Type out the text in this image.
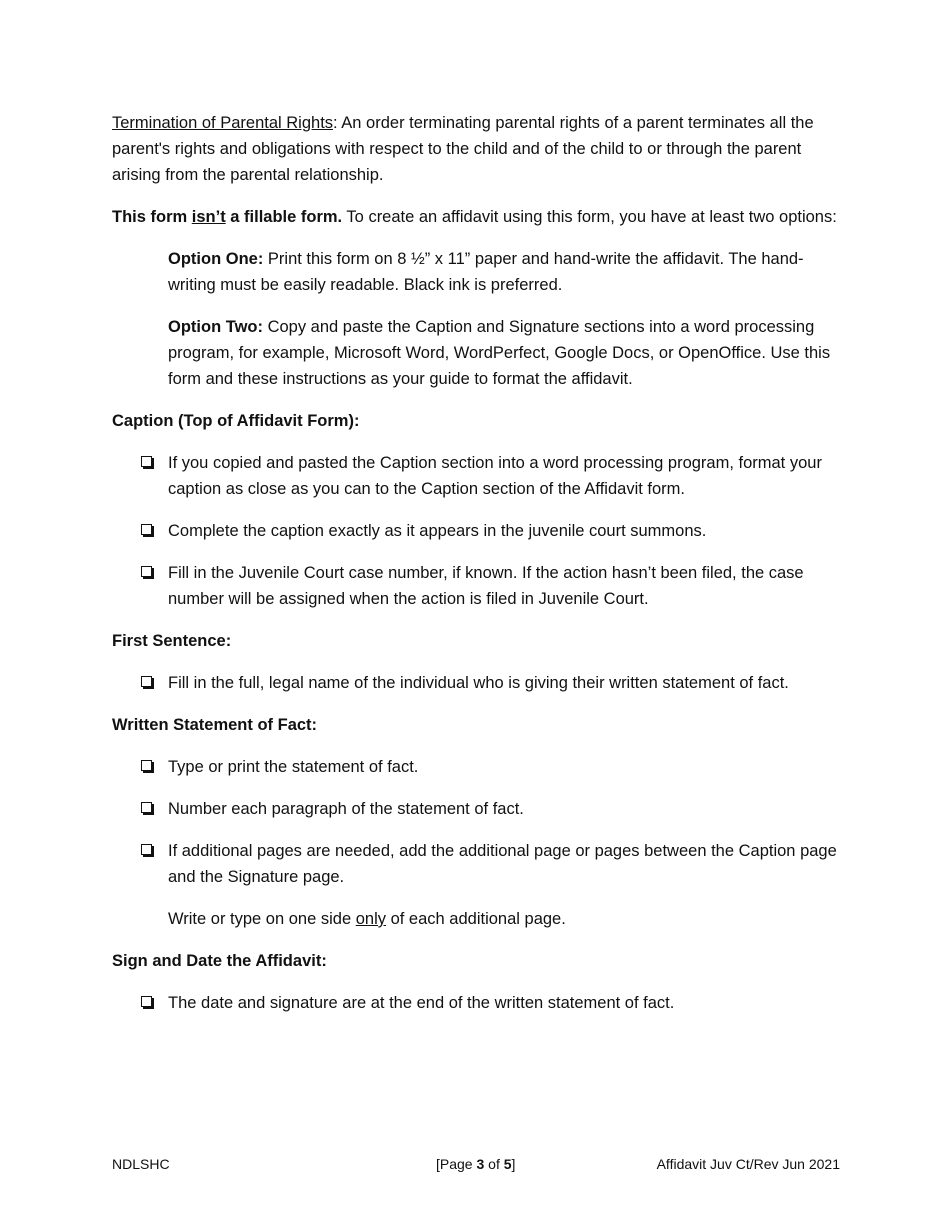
Termination of Parental Rights: An order terminating parental rights of a parent terminates all the parent's rights and obligations with respect to the child and of the child to or through the parent arising from the parental relationship.

This form isn’t a fillable form. To create an affidavit using this form, you have at least two options:

Option One: Print this form on 8 ½” x 11” paper and hand-write the affidavit. The hand-writing must be easily readable. Black ink is preferred.

Option Two: Copy and paste the Caption and Signature sections into a word processing program, for example, Microsoft Word, WordPerfect, Google Docs, or OpenOffice. Use this form and these instructions as your guide to format the affidavit.

Caption (Top of Affidavit Form):

If you copied and pasted the Caption section into a word processing program, format your caption as close as you can to the Caption section of the Affidavit form.
Complete the caption exactly as it appears in the juvenile court summons.
Fill in the Juvenile Court case number, if known. If the action hasn’t been filed, the case number will be assigned when the action is filed in Juvenile Court.

First Sentence:

Fill in the full, legal name of the individual who is giving their written statement of fact.

Written Statement of Fact:

Type or print the statement of fact.
Number each paragraph of the statement of fact.
If additional pages are needed, add the additional page or pages between the Caption page and the Signature page.

Write or type on one side only of each additional page.

Sign and Date the Affidavit:

The date and signature are at the end of the written statement of fact.
NDLSHC	[Page 3 of 5]	Affidavit Juv Ct/Rev Jun 2021
